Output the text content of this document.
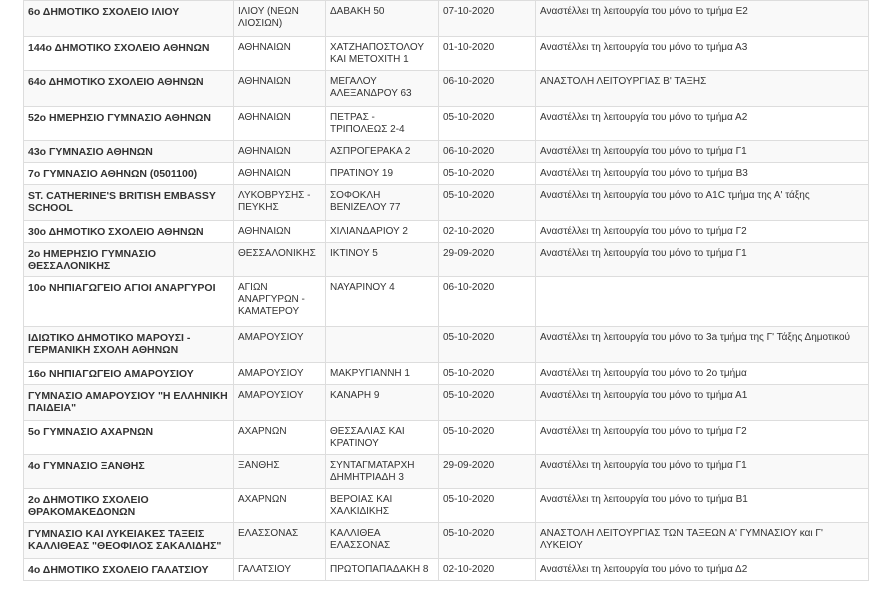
6ο ΔΗΜΟΤΙΚΟ ΣΧΟΛΕΙΟ ΙΛΙΟΥ	ΙΛΙΟΥ (ΝΕΩΝ ΛΙΟΣΙΩΝ)	ΔΑΒΑΚΗ 50	07-10-2020	Αναστέλλει τη λειτουργία του μόνο το τμήμα Ε2
144ο ΔΗΜΟΤΙΚΟ ΣΧΟΛΕΙΟ ΑΘΗΝΩΝ	ΑΘΗΝΑΙΩΝ	ΧΑΤΖΗΑΠΟΣΤΟΛΟΥ ΚΑΙ ΜΕΤΟΧΙΤΗ 1	01-10-2020	Αναστέλλει τη λειτουργία του μόνο το τμήμα Α3
64ο ΔΗΜΟΤΙΚΟ ΣΧΟΛΕΙΟ ΑΘΗΝΩΝ	ΑΘΗΝΑΙΩΝ	ΜΕΓΑΛΟΥ ΑΛΕΞΑΝΔΡΟΥ 63	06-10-2020	ΑΝΑΣΤΟΛΗ ΛΕΙΤΟΥΡΓΙΑΣ Β' ΤΑΞΗΣ
52ο ΗΜΕΡΗΣΙΟ ΓΥΜΝΑΣΙΟ ΑΘΗΝΩΝ	ΑΘΗΝΑΙΩΝ	ΠΕΤΡΑΣ - ΤΡΙΠΟΛΕΩΣ 2-4	05-10-2020	Αναστέλλει τη λειτουργία του μόνο το τμήμα Α2
43ο ΓΥΜΝΑΣΙΟ ΑΘΗΝΩΝ	ΑΘΗΝΑΙΩΝ	ΑΣΠΡΟΓΕΡΑΚΑ 2	06-10-2020	Αναστέλλει τη λειτουργία του μόνο το τμήμα Γ1
7ο ΓΥΜΝΑΣΙΟ ΑΘΗΝΩΝ (0501100)	ΑΘΗΝΑΙΩΝ	ΠΡΑΤΙΝΟΥ 19	05-10-2020	Αναστέλλει τη λειτουργία του μόνο το τμήμα Β3
ST. CATHERINE'S BRITISH EMBASSY SCHOOL	ΛΥΚΟΒΡΥΣΗΣ - ΠΕΥΚΗΣ	ΣΟΦΟΚΛΗ ΒΕΝΙΖΕΛΟΥ 77	05-10-2020	Αναστέλλει τη λειτουργία του μόνο το Α1C τμήμα της Α' τάξης
30ο ΔΗΜΟΤΙΚΟ ΣΧΟΛΕΙΟ ΑΘΗΝΩΝ	ΑΘΗΝΑΙΩΝ	ΧΙΛΙΑΝΔΑΡΙΟΥ 2	02-10-2020	Αναστέλλει τη λειτουργία του μόνο το τμήμα Γ2
2ο ΗΜΕΡΗΣΙΟ ΓΥΜΝΑΣΙΟ ΘΕΣΣΑΛΟΝΙΚΗΣ	ΘΕΣΣΑΛΟΝΙΚΗΣ	ΙΚΤΙΝΟΥ 5	29-09-2020	Αναστέλλει τη λειτουργία του μόνο το τμήμα Γ1
10ο ΝΗΠΙΑΓΩΓΕΙΟ ΑΓΙΟΙ ΑΝΑΡΓΥΡΟΙ	ΑΓΙΩΝ ΑΝΑΡΓΥΡΩΝ - ΚΑΜΑΤΕΡΟΥ	ΝΑΥΑΡΙΝΟΥ 4	06-10-2020	
ΙΔΙΩΤΙΚΟ ΔΗΜΟΤΙΚΟ ΜΑΡΟΥΣΙ - ΓΕΡΜΑΝΙΚΗ ΣΧΟΛΗ ΑΘΗΝΩΝ	ΑΜΑΡΟΥΣΙΟΥ		05-10-2020	Αναστέλλει τη λειτουργία του μόνο το 3a τμήμα της Γ' Τάξης Δημοτικού
16ο ΝΗΠΙΑΓΩΓΕΙΟ ΑΜΑΡΟΥΣΙΟΥ	ΑΜΑΡΟΥΣΙΟΥ	ΜΑΚΡΥΓΙΑΝΝΗ 1	05-10-2020	Αναστέλλει τη λειτουργία του μόνο το 2ο τμήμα
ΓΥΜΝΑΣΙΟ ΑΜΑΡΟΥΣΙΟΥ "Η ΕΛΛΗΝΙΚΗ ΠΑΙΔΕΙΑ"	ΑΜΑΡΟΥΣΙΟΥ	ΚΑΝΑΡΗ 9	05-10-2020	Αναστέλλει τη λειτουργία του μόνο το τμήμα Α1
5ο ΓΥΜΝΑΣΙΟ ΑΧΑΡΝΩΝ	ΑΧΑΡΝΩΝ	ΘΕΣΣΑΛΙΑΣ ΚΑΙ ΚΡΑΤΙΝΟΥ	05-10-2020	Αναστέλλει τη λειτουργία του μόνο το τμήμα Γ2
4ο ΓΥΜΝΑΣΙΟ ΞΑΝΘΗΣ	ΞΑΝΘΗΣ	ΣΥΝΤΑΓΜΑΤΑΡΧΗ ΔΗΜΗΤΡΙΑΔΗ 3	29-09-2020	Αναστέλλει τη λειτουργία του μόνο το τμήμα Γ1
2ο ΔΗΜΟΤΙΚΟ ΣΧΟΛΕΙΟ ΘΡΑΚΟΜΑΚΕΔΟΝΩΝ	ΑΧΑΡΝΩΝ	ΒΕΡΟΙΑΣ ΚΑΙ ΧΑΛΚΙΔΙΚΗΣ	05-10-2020	Αναστέλλει τη λειτουργία του μόνο το τμήμα Β1
ΓΥΜΝΑΣΙΟ ΚΑΙ ΛΥΚΕΙΑΚΕΣ ΤΑΞΕΙΣ ΚΑΛΛΙΘΕΑΣ "ΘΕΟΦΙΛΟΣ ΣΑΚΑΛΙΔΗΣ"	ΕΛΑΣΣΟΝΑΣ	ΚΑΛΛΙΘΕΑ ΕΛΑΣΣΟΝΑΣ	05-10-2020	ΑΝΑΣΤΟΛΗ ΛΕΙΤΟΥΡΓΙΑΣ ΤΩΝ ΤΑΞΕΩΝ Α' ΓΥΜΝΑΣΙΟΥ και Γ' ΛΥΚΕΙΟΥ
4ο ΔΗΜΟΤΙΚΟ ΣΧΟΛΕΙΟ ΓΑΛΑΤΣΙΟΥ	ΓΑΛΑΤΣΙΟΥ	ΠΡΩΤΟΠΑΠΑΔΑΚΗ 8	02-10-2020	Αναστέλλει τη λειτουργία του μόνο το τμήμα Δ2
